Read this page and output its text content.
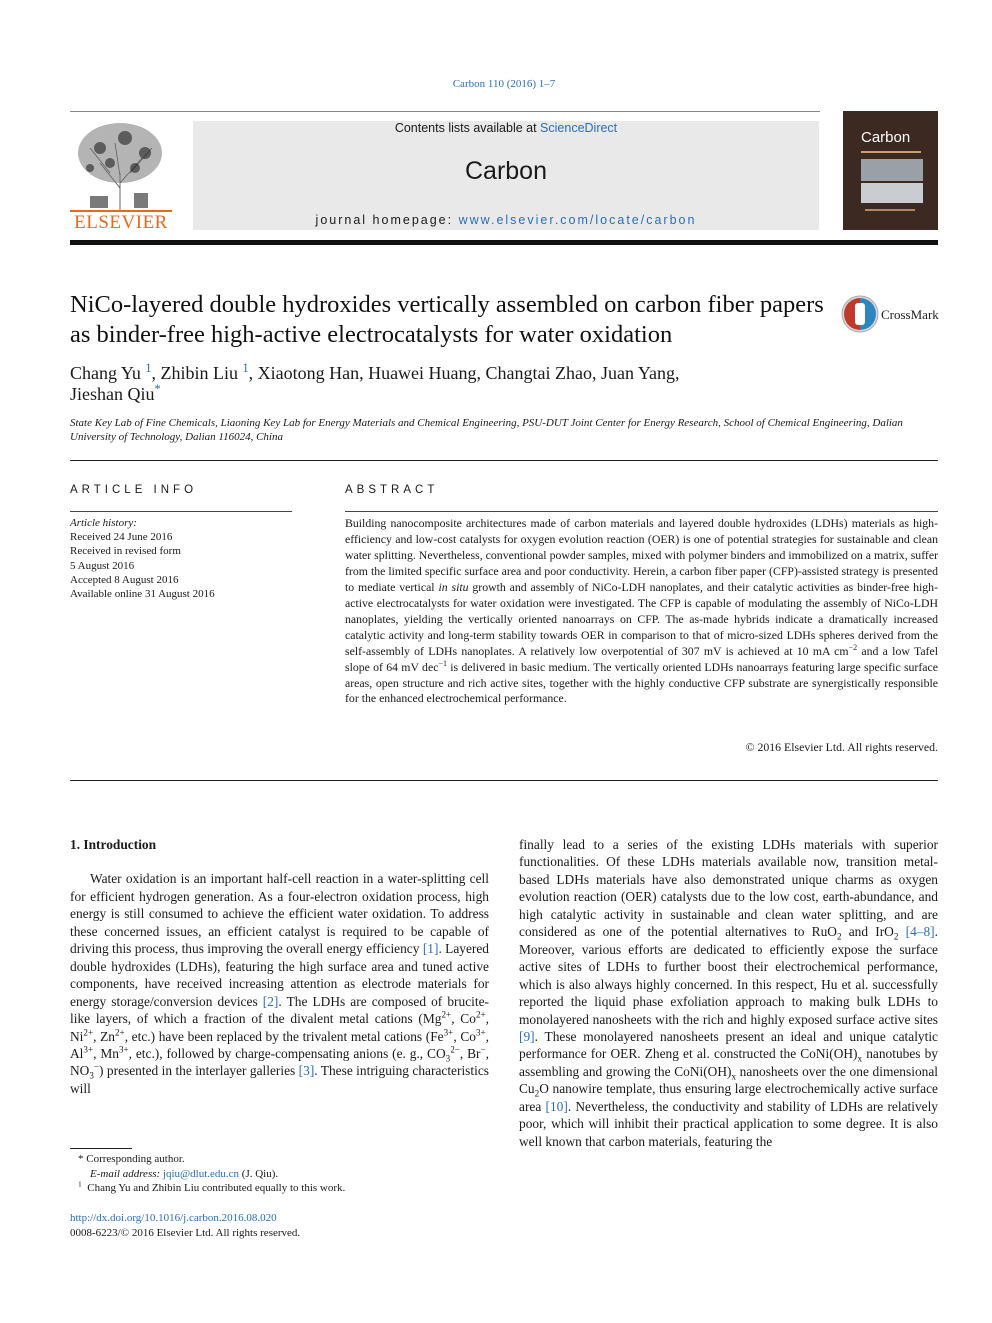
Carbon 110 (2016) 1–7
ELSEVIER
Contents lists available at ScienceDirect
Carbon
journal homepage: www.elsevier.com/locate/carbon
Carbon
NiCo-layered double hydroxides vertically assembled on carbon fiber papers as binder-free high-active electrocatalysts for water oxidation
CrossMark
Chang Yu $^1$, Zhibin Liu $^1$, Xiaotong Han, Huawei Huang, Changtai Zhao, Juan Yang,
Jieshan Qiu*
State Key Lab of Fine Chemicals, Liaoning Key Lab for Energy Materials and Chemical Engineering, PSU-DUT Joint Center for Energy Research, School of Chemical Engineering, Dalian University of Technology, Dalian 116024, China
ARTICLE INFO
Article history:
Received 24 June 2016
Received in revised form
5 August 2016
Accepted 8 August 2016
Available online 31 August 2016
ABSTRACT
Building nanocomposite architectures made of carbon materials and layered double hydroxides (LDHs) materials as high-efficiency and low-cost catalysts for oxygen evolution reaction (OER) is one of potential strategies for sustainable and clean water splitting. Nevertheless, conventional powder samples, mixed with polymer binders and immobilized on a matrix, suffer from the limited specific surface area and poor conductivity. Herein, a carbon fiber paper (CFP)-assisted strategy is presented to mediate vertical in situ growth and assembly of NiCo-LDH nanoplates, and their catalytic activities as binder-free high-active electrocatalysts for water oxidation were investigated. The CFP is capable of modulating the assembly of NiCo-LDH nanoplates, yielding the vertically oriented nanoarrays on CFP. The as-made hybrids indicate a dramatically increased catalytic activity and long-term stability towards OER in comparison to that of micro-sized LDHs spheres derived from the self-assembly of LDHs nanoplates. A relatively low overpotential of 307 mV is achieved at 10 mA $cm^{-2}$ and a low Tafel slope of 64 mV dec$^{-1}$ is delivered in basic medium. The vertically oriented LDHs nanoarrays featuring large specific surface areas, open structure and rich active sites, together with the highly conductive CFP substrate are synergistically responsible for the enhanced electrochemical performance.
© 2016 Elsevier Ltd. All rights reserved.

1. Introduction

Water oxidation is an important half-cell reaction in a water-splitting cell for efficient hydrogen generation. As a four-electron oxidation process, high energy is still consumed to achieve the efficient water oxidation. To address these concerned issues, an efficient catalyst is required to be capable of driving this process, thus improving the overall energy efficiency [1]. Layered double hydroxides (LDHs), featuring the high surface area and tuned active components, have received increasing attention as electrode materials for energy storage/conversion devices [2]. The LDHs are composed of brucite-like layers, of which a fraction of the divalent metal cations ($Mg^{2+}$, $Co^{2+}$, $Ni^{2+}$, $Zn^{2+}$, etc.) have been replaced by the trivalent metal cations ($Fe^{3+}$, $Co^{3+}$, $Al^{3+}$, $Mn^{3+}$, etc.), followed by charge-compensating anions (e. g., $CO_3^{2-}$, Br−, $NO_3^-$) presented in the interlayer galleries [3]. These intriguing characteristics will

finally lead to a series of the existing LDHs materials with superior functionalities. Of these LDHs materials available now, transition metal-based LDHs materials have also demonstrated unique charms as oxygen evolution reaction (OER) catalysts due to the low cost, earth-abundance, and high catalytic activity in sustainable and clean water splitting, and are considered as one of the potential alternatives to RuO$_2$ and IrO$_2$ [4–8]. Moreover, various efforts are dedicated to efficiently expose the surface active sites of LDHs to further boost their electrochemical performance, which is also always highly concerned. In this respect, Hu et al. successfully reported the liquid phase exfoliation approach to making bulk LDHs to monolayered nanosheets with the rich and highly exposed surface active sites [9]. These monolayered nanosheets present an ideal and unique catalytic performance for OER. Zheng et al. constructed the $CoNi(OH)_x$ nanotubes by assembling and growing the $CoNi(OH)_x$ nanosheets over the one dimensional $Cu_2O$ nanowire template, thus ensuring large electrochemically active surface area [10]. Nevertheless, the conductivity and stability of LDHs are relatively poor, which will inhibit their practical application to some degree. It is also well known that carbon materials, featuring the

* Corresponding author.
E-mail address: jqiu@dlut.edu.cn (J. Qiu).
$^1$ Chang Yu and Zhibin Liu contributed equally to this work.
http://dx.doi.org/10.1016/j.carbon.2016.08.020
0008-6223/© 2016 Elsevier Ltd. All rights reserved.
